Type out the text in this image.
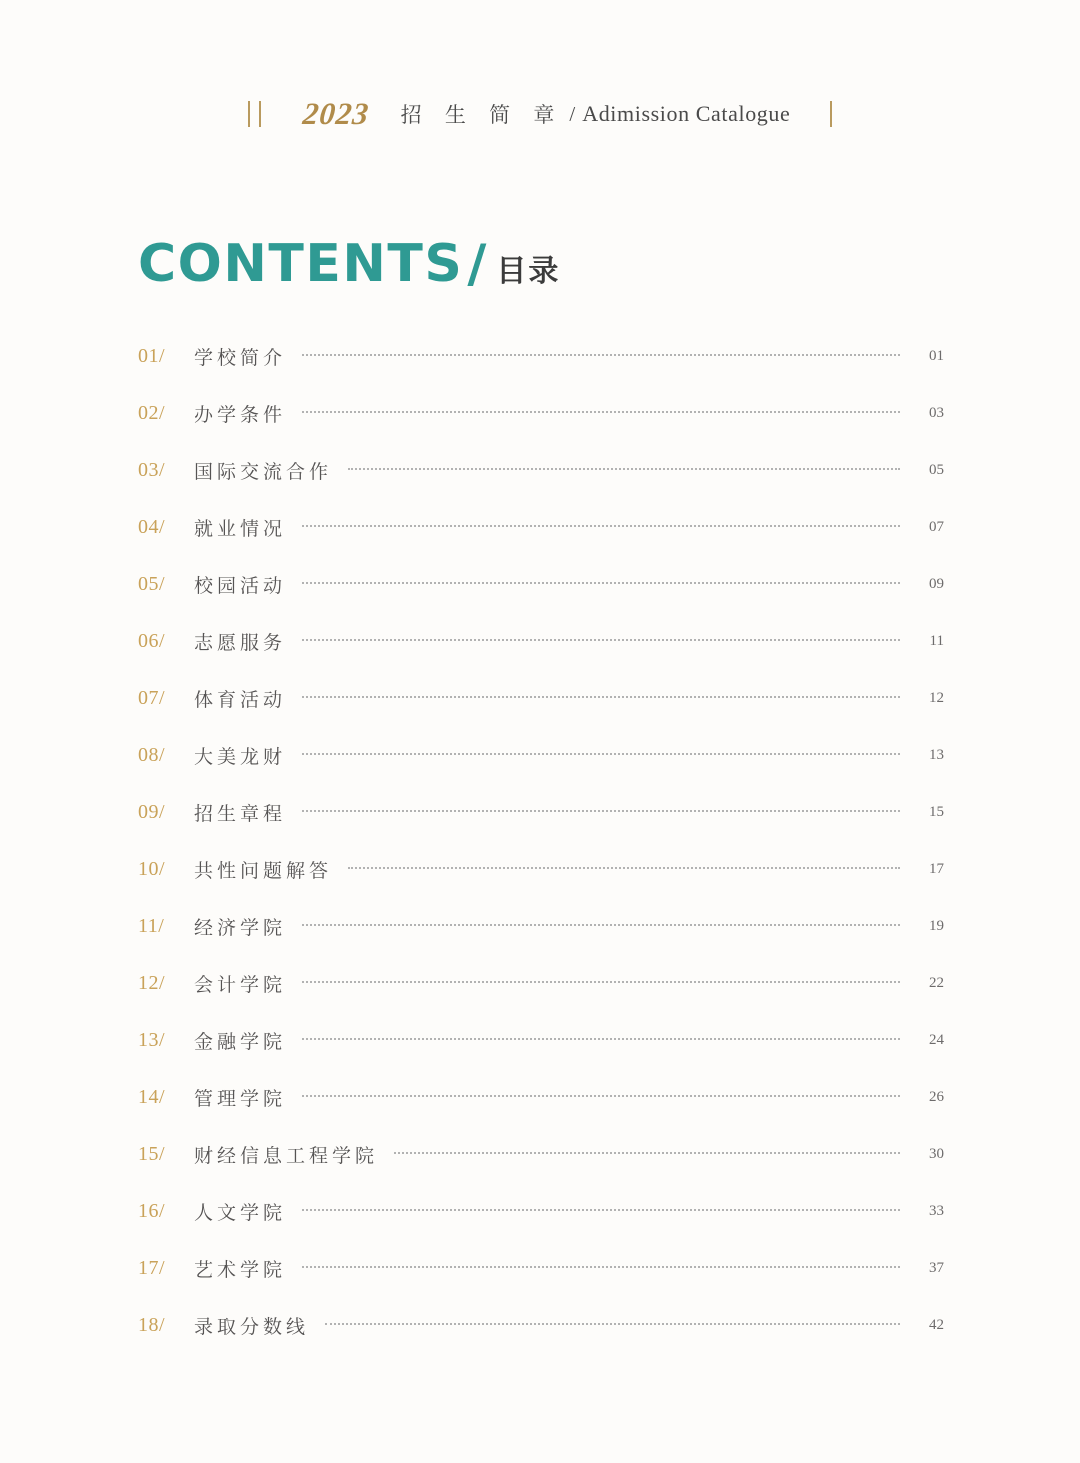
2023 招 生 简 章 / Adimission Catalogue
CONTENTS / 目录
01/	学校简介	01
02/	办学条件	03
03/	国际交流合作	05
04/	就业情况	07
05/	校园活动	09
06/	志愿服务	11
07/	体育活动	12
08/	大美龙财	13
09/	招生章程	15
10/	共性问题解答	17
11/	经济学院	19
12/	会计学院	22
13/	金融学院	24
14/	管理学院	26
15/	财经信息工程学院	30
16/	人文学院	33
17/	艺术学院	37
18/	录取分数线	42
